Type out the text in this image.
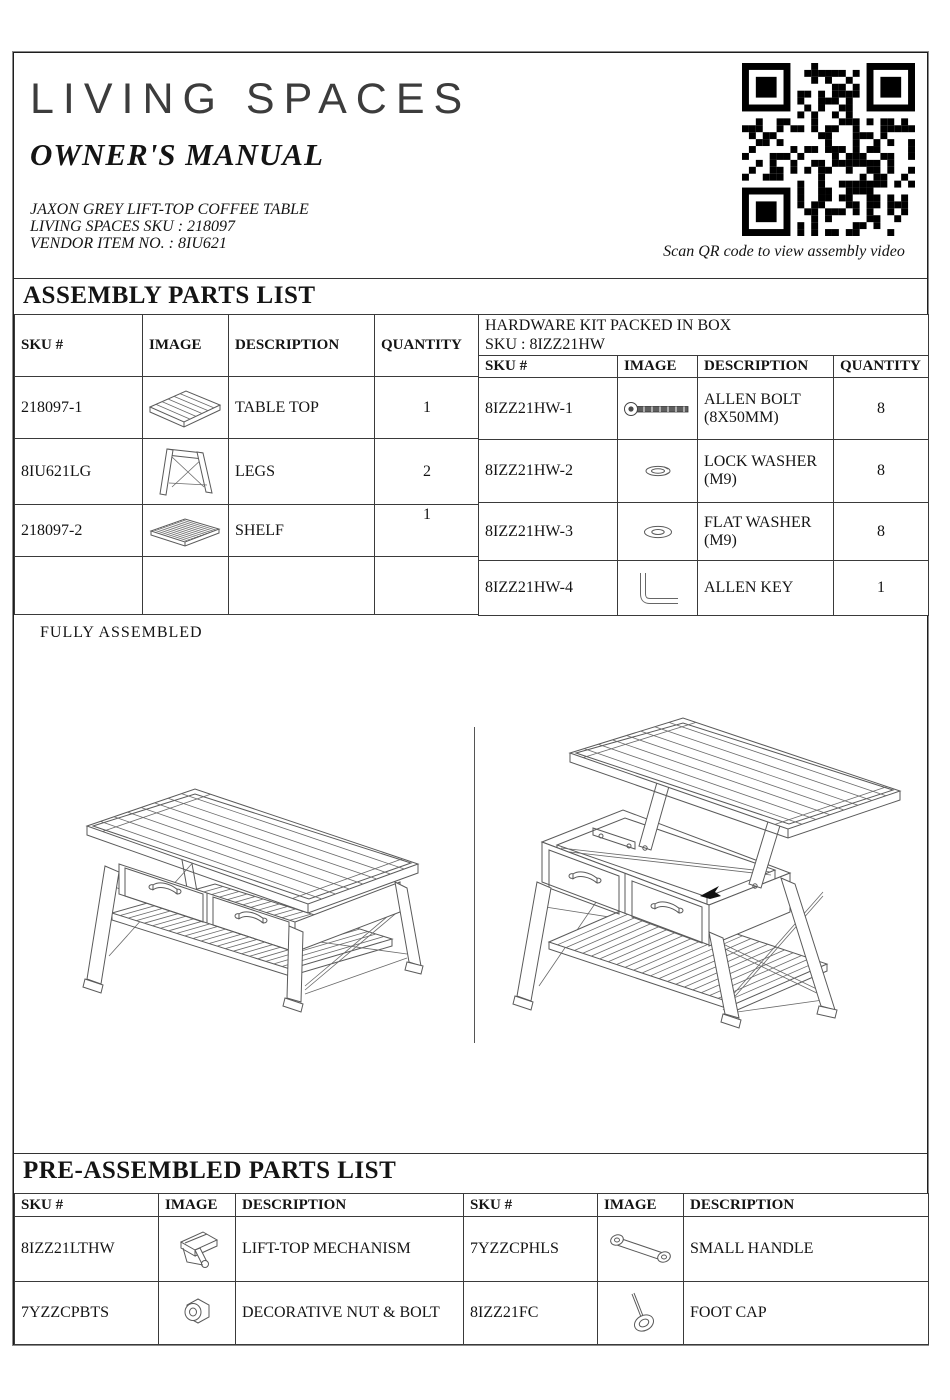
LIVING SPACES
OWNER'S MANUAL
JAXON GREY LIFT-TOP COFFEE TABLE
LIVING SPACES SKU : 218097
VENDOR ITEM NO. : 8IU621	Scan QR code to view assembly video
ASSEMBLY PARTS LIST
SKU #	IMAGE	DESCRIPTION	QUANTITY
218097-1		TABLE TOP	1
8IU621LG		LEGS	2
218097-2		SHELF	1

HARDWARE KIT PACKED IN BOX
SKU : 8IZZ21HW			

SKU #	IMAGE	DESCRIPTION	QUANTITY
8IZZ21HW-1		ALLEN BOLT (8X50MM)	8
8IZZ21HW-2		LOCK WASHER (M9)	8
8IZZ21HW-3		FLAT WASHER (M9)	8
8IZZ21HW-4		ALLEN KEY	1
FULLY ASSEMBLED
PRE-ASSEMBLED PARTS LIST
SKU #	IMAGE	DESCRIPTION	SKU #	IMAGE	DESCRIPTION
8IZZ21LTHW		LIFT-TOP MECHANISM	7YZZCPHLS		SMALL HANDLE
7YZZCPBTS		DECORATIVE NUT & BOLT	8IZZ21FC		FOOT CAP
